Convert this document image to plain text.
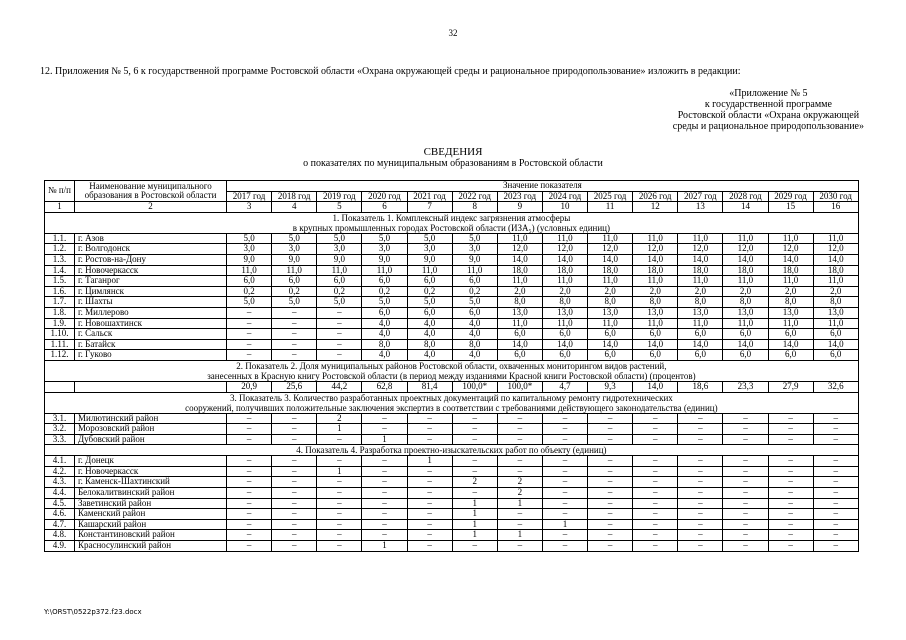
32
12. Приложения № 5, 6 к государственной программе Ростовской области «Охрана окружающей среды и рациональное природопользование» изложить в редакции:
«Приложение № 5
к государственной программе
Ростовской области «Охрана окружающей
среды и рациональное природопользование»
СВЕДЕНИЯ
о показателях по муниципальным образованиям в Ростовской области
№ п/п	Наименование муниципального образования в Ростовской области	Значение показателя													
		2017 год	2018 год	2019 год	2020 год	2021 год	2022 год	2023 год	2024 год	2025 год	2026 год	2027 год	2028 год	2029 год	2030 год
1	2	3	4	5	6	7	8	9	10	11	12	13	14	15	16

1. Показатель 1. Комплексный индекс загрязнения атмосферы
в крупных промышленных городах Ростовской области (ИЗА₅) (условных единиц)															

1.1.	г. Азов	5,0	5,0	5,0	5,0	5,0	5,0	11,0	11,0	11,0	11,0	11,0	11,0	11,0	11,0
1.2.	г. Волгодонск	3,0	3,0	3,0	3,0	3,0	3,0	12,0	12,0	12,0	12,0	12,0	12,0	12,0	12,0
1.3.	г. Ростов-на-Дону	9,0	9,0	9,0	9,0	9,0	9,0	14,0	14,0	14,0	14,0	14,0	14,0	14,0	14,0
1.4.	г. Новочеркасск	11,0	11,0	11,0	11,0	11,0	11,0	18,0	18,0	18,0	18,0	18,0	18,0	18,0	18,0
1.5.	г. Таганрог	6,0	6,0	6,0	6,0	6,0	6,0	11,0	11,0	11,0	11,0	11,0	11,0	11,0	11,0
1.6.	г. Цимлянск	0,2	0,2	0,2	0,2	0,2	0,2	2,0	2,0	2,0	2,0	2,0	2,0	2,0	2,0
1.7.	г. Шахты	5,0	5,0	5,0	5,0	5,0	5,0	8,0	8,0	8,0	8,0	8,0	8,0	8,0	8,0
1.8.	г. Миллерово	–	–	–	6,0	6,0	6,0	13,0	13,0	13,0	13,0	13,0	13,0	13,0	13,0
1.9.	г. Новошахтинск	–	–	–	4,0	4,0	4,0	11,0	11,0	11,0	11,0	11,0	11,0	11,0	11,0
1.10.	г. Сальск	–	–	–	4,0	4,0	4,0	6,0	6,0	6,0	6,0	6,0	6,0	6,0	6,0
1.11.	г. Батайск	–	–	–	8,0	8,0	8,0	14,0	14,0	14,0	14,0	14,0	14,0	14,0	14,0
1.12.	г. Гуково	–	–	–	4,0	4,0	4,0	6,0	6,0	6,0	6,0	6,0	6,0	6,0	6,0

2. Показатель 2. Доля муниципальных районов Ростовской области, охваченных мониторингом видов растений,
занесенных в Красную книгу Ростовской области (в период между изданиями Красной книги Ростовской области) (процентов)															

		20,9	25,6	44,2	62,8	81,4	100,0*	100,0*	4,7	9,3	14,0	18,6	23,3	27,9	32,6

3. Показатель 3. Количество разработанных проектных документаций по капитальному ремонту гидротехнических
сооружений, получивших положительные заключения экспертиз в соответствии с требованиями действующего законодательства (единиц)															

3.1.	Милютинский район	–	–	2	–	–	–	–	–	–	–	–	–	–	–
3.2.	Морозовский район	–	–	1	–	–	–	–	–	–	–	–	–	–	–
3.3.	Дубовский район	–	–	–	1	–	–	–	–	–	–	–	–	–	–

4. Показатель 4. Разработка проектно-изыскательских работ по объекту (единиц)															

4.1.	г. Донецк	–	–	–	–	1	–	–	–	–	–	–	–	–	–
4.2.	г. Новочеркасск	–	–	1	–	–	–	–	–	–	–	–	–	–	–
4.3.	г. Каменск-Шахтинский	–	–	–	–	–	2	2	–	–	–	–	–	–	–
4.4.	Белокалитвинский район	–	–	–	–	–	–	2	–	–	–	–	–	–	–
4.5.	Заветинский район	–	–	–	–	–	1	1	–	–	–	–	–	–	–
4.6.	Каменский район	–	–	–	–	–	1	–	–	–	–	–	–	–	–
4.7.	Кашарский район	–	–	–	–	–	1	–	1	–	–	–	–	–	–
4.8.	Константиновский район	–	–	–	–	–	1	1	–	–	–	–	–	–	–
4.9.	Красносулинский район	–	–	–	1	–	–	–	–	–	–	–	–	–	–
Y:\ORST\0522p372.f23.docx
